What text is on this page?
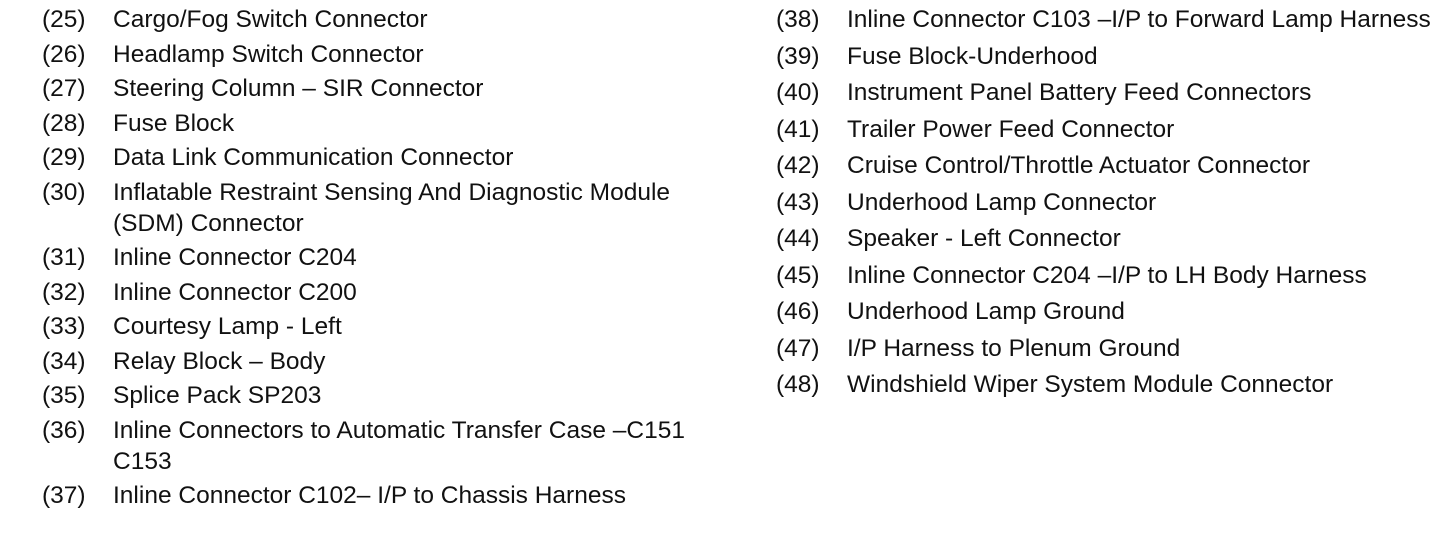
(25)	Cargo/Fog Switch Connector
(26)	Headlamp Switch Connector
(27)	Steering Column – SIR Connector
(28)	Fuse Block
(29)	Data Link Communication Connector
(30)	Inflatable Restraint Sensing And Diagnostic Module (SDM) Connector
(31)	Inline Connector C204
(32)	Inline Connector C200
(33)	Courtesy Lamp - Left
(34)	Relay Block – Body
(35)	Splice Pack SP203
(36)	Inline Connectors to Automatic Transfer Case –C151 C153
(37)	Inline Connector C102– I/P to Chassis Harness
(38)	Inline Connector C103 –I/P to Forward Lamp Harness
(39)	Fuse Block-Underhood
(40)	Instrument Panel Battery Feed Connectors
(41)	Trailer Power Feed Connector
(42)	Cruise Control/Throttle Actuator Connector
(43)	Underhood Lamp Connector
(44)	Speaker - Left Connector
(45)	Inline Connector C204 –I/P to LH Body Harness
(46)	Underhood Lamp Ground
(47)	I/P Harness to Plenum Ground
(48)	Windshield Wiper System Module Connector
